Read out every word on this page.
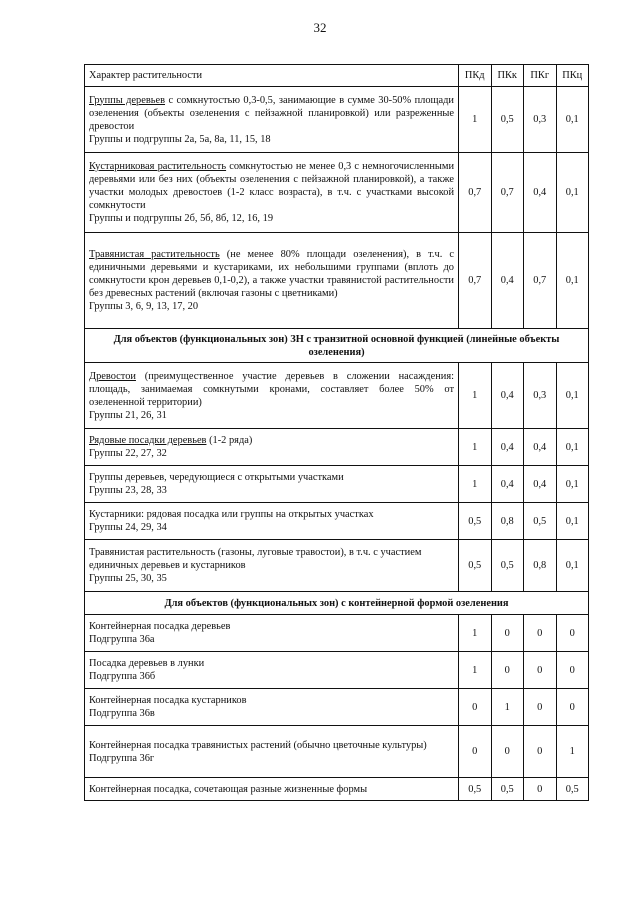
32
Характер растительности	ПКд	ПКк	ПКг	ПКц
Группы деревьев с сомкнутостью 0,3-0,5, занимающие в сумме 30-50% площади озеленения (объекты озеленения с пейзажной планировкой) или разреженные древостои
Группы и подгруппы 2а, 5а, 8а, 11, 15, 18	1	0,5	0,3	0,1
Кустарниковая растительность сомкнутостью не менее 0,3 с немногочисленными деревьями или без них (объекты озеленения с пейзажной планировкой), а также участки молодых древостоев (1-2 класс возраста), в т.ч. с участками высокой сомкнутости
Группы и подгруппы 2б, 5б, 8б, 12, 16, 19	0,7	0,7	0,4	0,1
Травянистая растительность (не менее 80% площади озеленения), в т.ч. с единичными деревьями и кустариками, их небольшими группами (вплоть до сомкнутости крон деревьев 0,1-0,2), а также участки травянистой растительности без древесных растений (включая газоны с цветниками)
Группы 3, 6, 9, 13, 17, 20	0,7	0,4	0,7	0,1
Для объектов (функциональных зон) ЗН с транзитной основной функцией (линейные объекты озеленения)				
Древостои (преимущественное участие деревьев в сложении насаждения: площадь, занимаемая сомкнутыми кронами, составляет более 50% от озелененной территории)
Группы 21, 26, 31	1	0,4	0,3	0,1
Рядовые посадки деревьев (1-2 ряда)
Группы 22, 27, 32	1	0,4	0,4	0,1

Группы деревьев, чередующиеся с открытыми участками
Группы 23, 28, 33	1	0,4	0,4	0,1

Кустарники: рядовая посадка или группы на открытых участках
Группы 24, 29, 34	0,5	0,8	0,5	0,1

Травянистая растительность (газоны, луговые травостои), в т.ч. с участием единичных деревьев и кустарников
Группы 25, 30, 35	0,5	0,5	0,8	0,1
Для объектов (функциональных зон) с контейнерной формой озеленения				

Контейнерная посадка деревьев
Подгруппа 36а	1	0	0	0

Посадка деревьев в лунки
Подгруппа 36б	1	0	0	0

Контейнерная посадка кустарников
Подгруппа 36в	0	1	0	0

Контейнерная посадка травянистых растений (обычно цветочные культуры)
Подгруппа 36г	0	0	0	1

Контейнерная посадка, сочетающая разные жизненные формы	0,5	0,5	0	0,5
